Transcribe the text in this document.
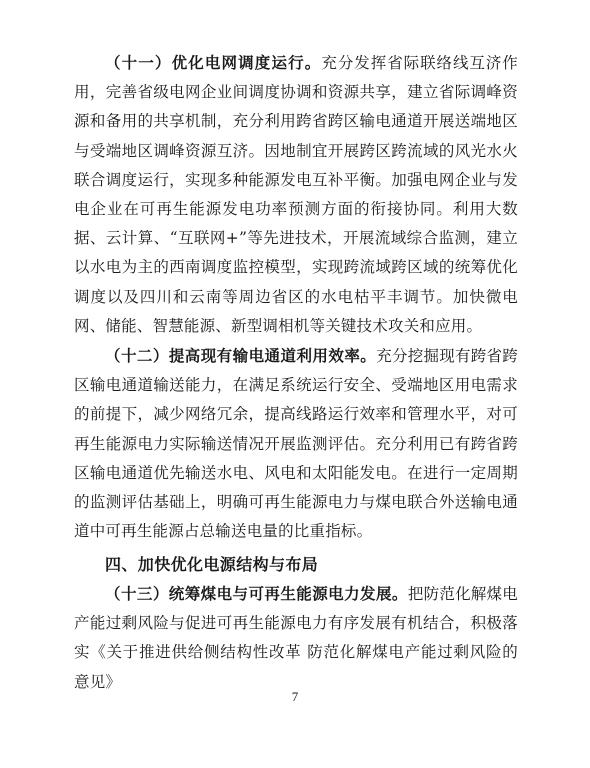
（十一）优化电网调度运行。充分发挥省际联络线互济作用，完善省级电网企业间调度协调和资源共享，建立省际调峰资源和备用的共享机制，充分利用跨省跨区输电通道开展送端地区与受端地区调峰资源互济。因地制宜开展跨区跨流域的风光水火联合调度运行，实现多种能源发电互补平衡。加强电网企业与发电企业在可再生能源发电功率预测方面的衔接协同。利用大数据、云计算、“互联网+”等先进技术，开展流域综合监测，建立以水电为主的西南调度监控模型，实现跨流域跨区域的统筹优化调度以及四川和云南等周边省区的水电枯平丰调节。加快微电网、储能、智慧能源、新型调相机等关键技术攻关和应用。

（十二）提高现有输电通道利用效率。充分挖掘现有跨省跨区输电通道输送能力，在满足系统运行安全、受端地区用电需求的前提下，减少网络冗余，提高线路运行效率和管理水平，对可再生能源电力实际输送情况开展监测评估。充分利用已有跨省跨区输电通道优先输送水电、风电和太阳能发电。在进行一定周期的监测评估基础上，明确可再生能源电力与煤电联合外送输电通道中可再生能源占总输送电量的比重指标。

四、加快优化电源结构与布局

（十三）统筹煤电与可再生能源电力发展。把防范化解煤电产能过剩风险与促进可再生能源电力有序发展有机结合，积极落实《关于推进供给侧结构性改革 防范化解煤电产能过剩风险的意见》

7
